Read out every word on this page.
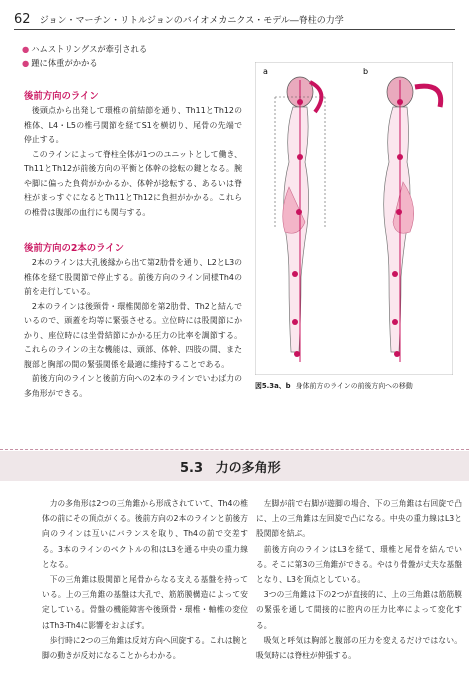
62 ジョン・マーチン・リトルジョンのバイオメカニクス・モデル―脊柱の力学
● ハムストリングスが牽引される
● 踵に体重がかかる
後前方向のライン

後頭点から出発して環椎の前結節を通り、Th11とTh12の椎体、L4・L5の椎弓関節を経てS1を横切り、尾骨の先端で停止する。

このラインによって脊柱全体が1つのユニットとして働き、Th11とTh12が前後方向の平衡と体幹の捻転の鍵となる。腕や脚に偏った負荷がかかるか、体幹が捻転する、あるいは脊柱がまっすぐになるとTh11とTh12に負担がかかる。これらの椎骨は腹部の血行にも関与する。

後前方向の2本のライン

2本のラインは大孔後縁から出て第2肋骨を通り、L2とL3の椎体を経て股関節で停止する。前後方向のライン同様Th4の前を走行している。

2本のラインは後頸骨・環椎関節を第2肋骨、Th2と結んでいるので、頭蓋を均等に緊張させる。立位時には股関節にかかり、座位時には坐骨結節にかかる圧力の比率を調節する。これらのラインの主な機能は、頭部、体幹、四肢の間、また腹部と胸部の間の緊張関係を最適に維持することである。

前後方向のラインと後前方向への2本のラインでいわば力の多角形ができる。

a	b
図5.3a、b 身体前方のラインの前後方向への移動
5.3 力の多角形

力の多角形は2つの三角錐から形成されていて、Th4の椎体の前にその頂点がくる。後前方向の2本のラインと前後方向のラインは互いにバランスを取り、Th4の前で交差する。3本のラインのベクトルの和はL3を通る中央の重力線となる。

下の三角錐は股関節と尾骨からなる支える基盤を持っている。上の三角錐の基盤は大孔で、筋筋膜構造によって安定している。骨盤の機能障害や後頸骨・環椎・軸椎の変位はTh3-Th4に影響をおよぼす。

歩行時に2つの三角錐は反対方向へ回旋する。これは腕と脚の動きが反対になることからわかる。

左脚が前で右脚が遊脚の場合、下の三角錐は右回旋で凸に、上の三角錐は左回旋で凸になる。中央の重力線はL3と股関節を結ぶ。

前後方向のラインはL3を経て、環椎と尾骨を結んでいる。そこに第3の三角錐ができる。やはり骨盤が丈夫な基盤となり、L3を頂点としている。

3つの三角錐は下の2つが直接的に、上の三角錐は筋筋膜の緊張を通して間接的に腔内の圧力比率によって変化する。

吸気と呼気は胸部と腹部の圧力を変えるだけではない。吸気時には脊柱が伸張する。
